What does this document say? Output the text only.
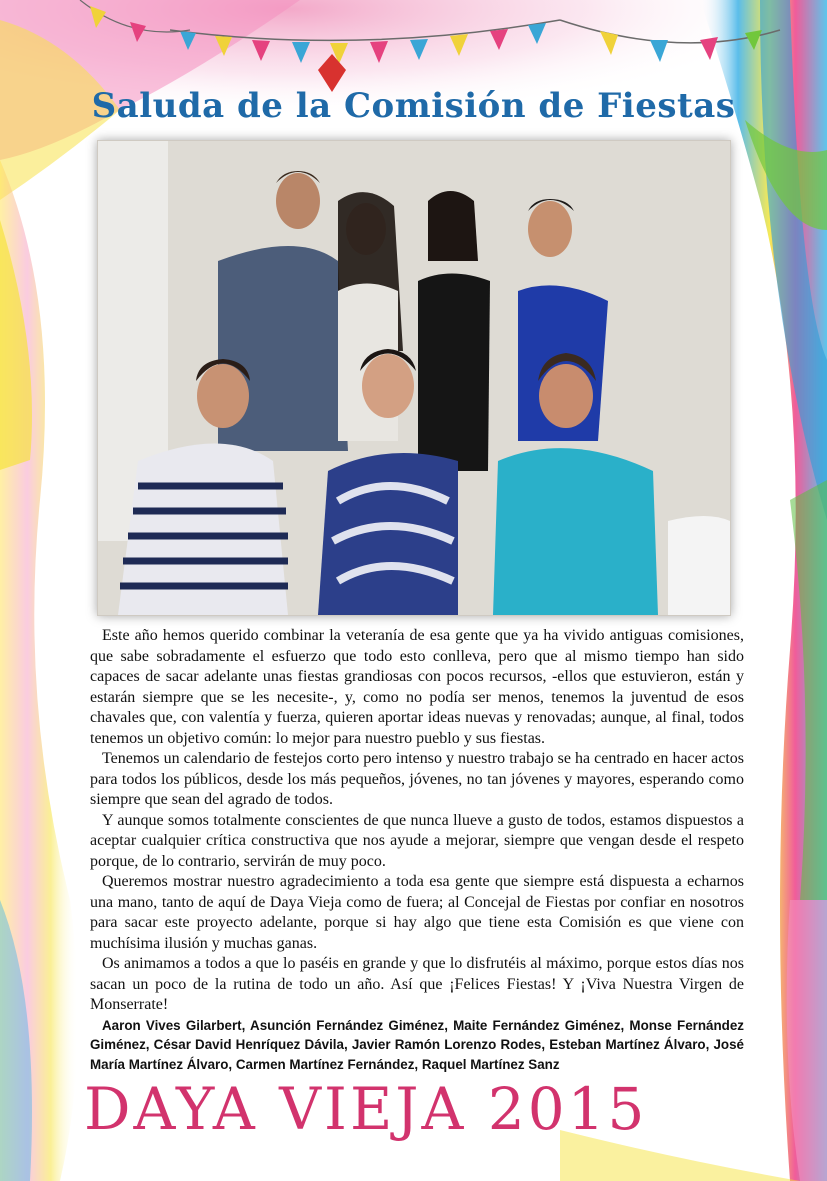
Saluda de la Comisión de Fiestas

Este año hemos querido combinar la veteranía de esa gente que ya ha vivido antiguas comisiones, que sabe sobradamente el esfuerzo que todo esto conlleva, pero que al mismo tiempo han sido capaces de sacar adelante unas fiestas grandiosas con pocos recursos, -ellos que estuvieron, están y estarán siempre que se les necesite-, y, como no podía ser menos, tenemos la juventud de esos chavales que, con valentía y fuerza, quieren aportar ideas nuevas y renovadas; aunque, al final, todos tenemos un objetivo común: lo mejor para nuestro pueblo y sus fiestas.

Tenemos un calendario de festejos corto pero intenso y nuestro trabajo se ha centrado en hacer actos para todos los públicos, desde los más pequeños, jóvenes, no tan jóvenes y mayores, esperando como siempre que sean del agrado de todos.

Y aunque somos totalmente conscientes de que nunca llueve a gusto de todos, estamos dispuestos a aceptar cualquier crítica constructiva que nos ayude a mejorar, siempre que vengan desde el respeto porque, de lo contrario, servirán de muy poco.

Queremos mostrar nuestro agradecimiento a toda esa gente que siempre está dispuesta a echarnos una mano, tanto de aquí de Daya Vieja como de fuera; al Concejal de Fiestas por confiar en nosotros para sacar este proyecto adelante, porque si hay algo que tiene esta Comisión es que viene con muchísima ilusión y muchas ganas.

Os animamos a todos a que lo paséis en grande y que lo disfrutéis al máximo, porque estos días nos sacan un poco de la rutina de todo un año. Así que ¡Felices Fiestas! Y ¡Viva Nuestra Virgen de Monserrate!

Aaron Vives Gilarbert, Asunción Fernández Giménez, Maite Fernández Giménez, Monse Fernández Giménez, César David Henríquez Dávila, Javier Ramón Lorenzo Rodes, Esteban Martínez Álvaro, José María Martínez Álvaro, Carmen Martínez Fernández, Raquel Martínez Sanz

DAYA VIEJA 2015
